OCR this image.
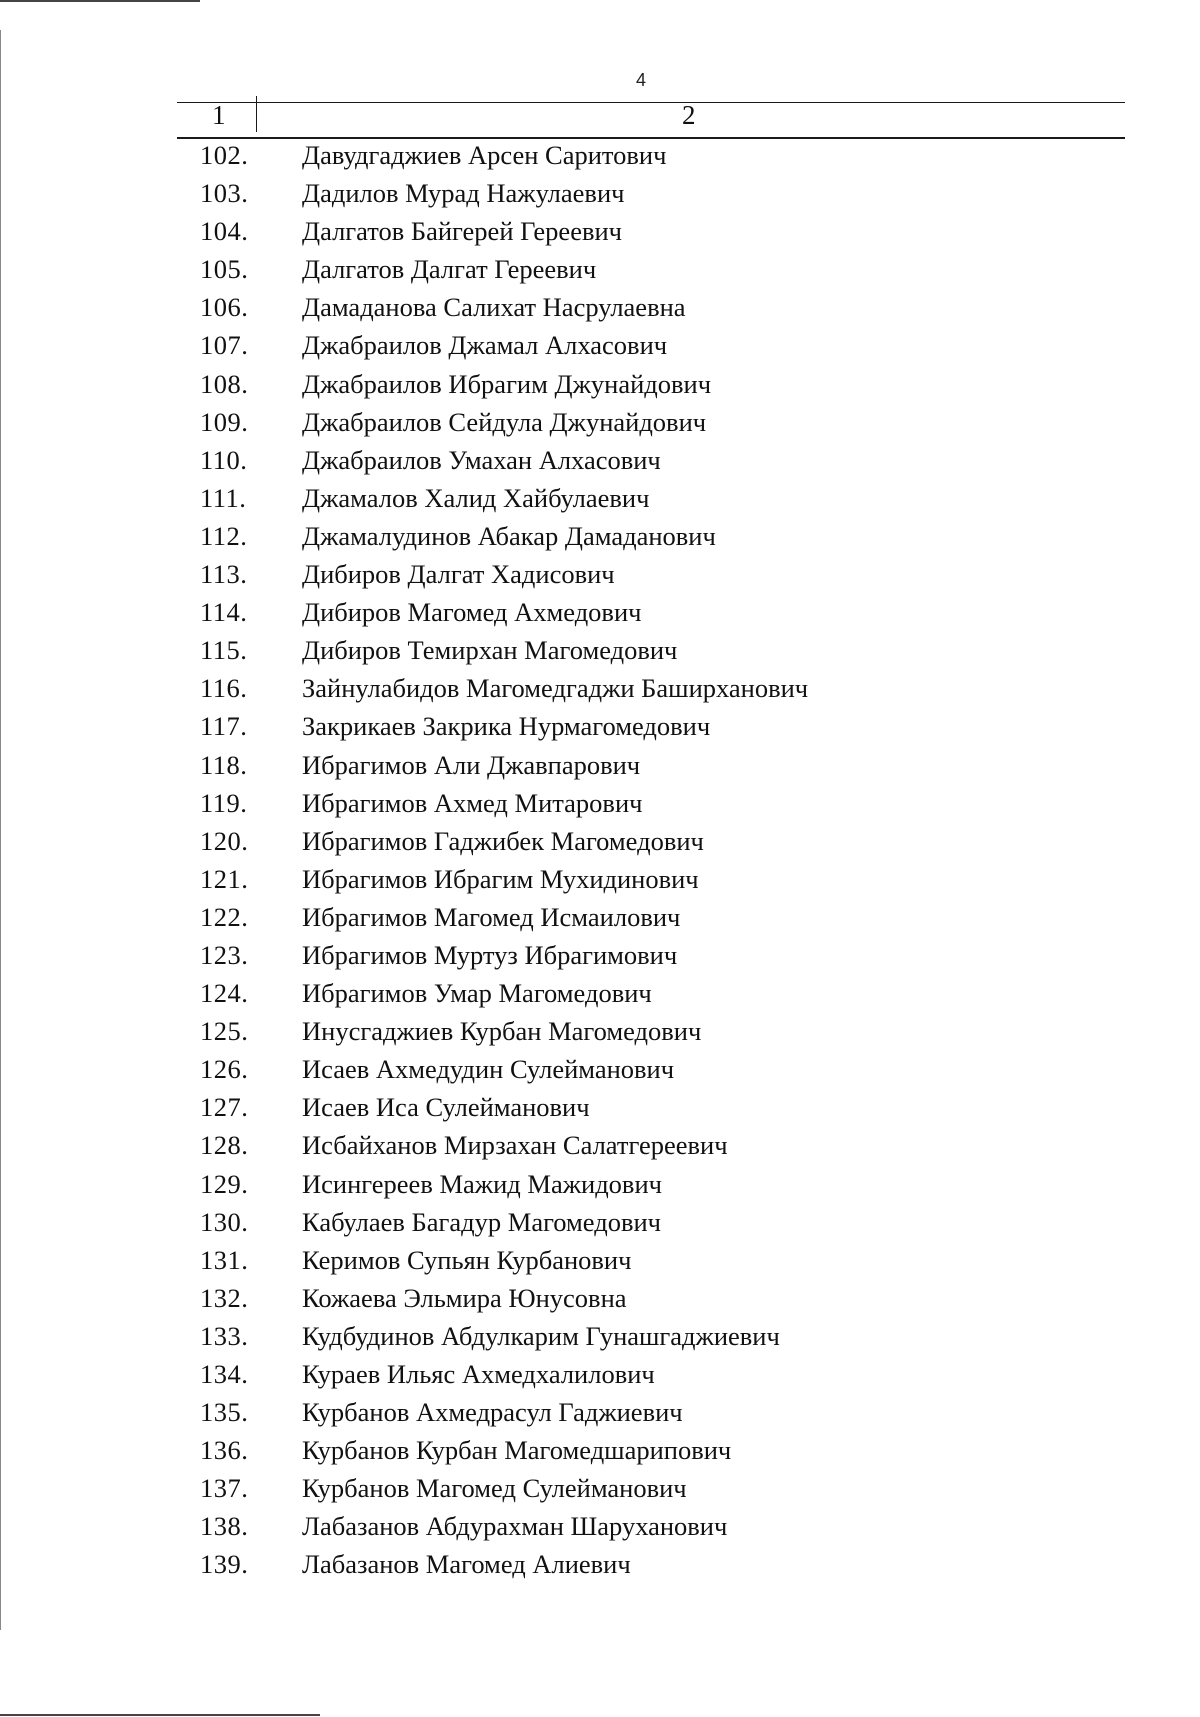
4
1	2
102. Давудгаджиев Арсен Саритович
103. Дадилов Мурад Нажулаевич
104. Далгатов Байгерей Гереевич
105. Далгатов Далгат Гереевич
106. Дамаданова Салихат Насрулаевна
107. Джабраилов Джамал Алхасович
108. Джабраилов Ибрагим Джунайдович
109. Джабраилов Сейдула Джунайдович
110. Джабраилов Умахан Алхасович
111. Джамалов Халид Хайбулаевич
112. Джамалудинов Абакар Дамаданович
113. Дибиров Далгат Хадисович
114. Дибиров Магомед Ахмедович
115. Дибиров Темирхан Магомедович
116. Зайнулабидов Магомедгаджи Баширханович
117. Закрикаев Закрика Нурмагомедович
118. Ибрагимов Али Джавпарович
119. Ибрагимов Ахмед Митарович
120. Ибрагимов Гаджибек Магомедович
121. Ибрагимов Ибрагим Мухидинович
122. Ибрагимов Магомед Исмаилович
123. Ибрагимов Муртуз Ибрагимович
124. Ибрагимов Умар Магомедович
125. Инусгаджиев Курбан Магомедович
126. Исаев Ахмедудин Сулейманович
127. Исаев Иса Сулейманович
128. Исбайханов Мирзахан Салатгереевич
129. Исингереев Мажид Мажидович
130. Кабулаев Багадур Магомедович
131. Керимов Супьян Курбанович
132. Кожаева Эльмира Юнусовна
133. Кудбудинов Абдулкарим Гунашгаджиевич
134. Кураев Ильяс Ахмедхалилович
135. Курбанов Ахмедрасул Гаджиевич
136. Курбанов Курбан Магомедшарипович
137. Курбанов Магомед Сулейманович
138. Лабазанов Абдурахман Шаруханович
139. Лабазанов Магомед Алиевич
